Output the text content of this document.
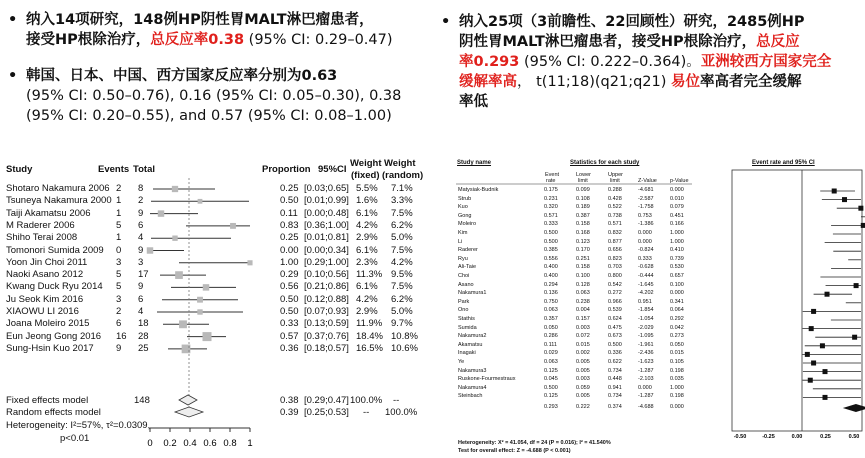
• 纳入14项研究，148例HP阴性胃MALT淋巴瘤患者，
接受HP根除治疗，总反应率0.38 (95% CI: 0.29–0.47)
• 韩国、日本、中国、西方国家反应率分别为0.63
(95% CI: 0.50–0.76), 0.16 (95% CI: 0.05–0.30), 0.38
(95% CI: 0.20–0.55), and 0.57 (95% CI: 0.08–1.00)
• 纳入25项（3前瞻性、22回顾性）研究，2485例HP
阴性胃MALT淋巴瘤患者，接受HP根除治疗，总反应
率0.293 (95% CI: 0.222–0.364)。亚洲较西方国家完全
缓解率高， t(11;18)(q21;q21) 易位率高者完全缓解
率低
Study	Events Total	Proportion 95%CI
Weight
(fixed)
Weight
(random)
Shotaro Nakamura 2006 2 8	0.25 [0.03;0.65] 5.5% 7.1%
Tsuneya Nakamura 2000 1 2	0.50 [0.01;0.99] 1.6% 3.3%
Taiji Akamatsu 2006	1 9	0.11 [0.00;0.48] 6.1% 7.5%
M Raderer 2006	5 6	0.83 [0.36;1.00] 4.2% 6.2%
Shiho Terai 2008	1 4	0.25 [0.01;0.81] 2.9% 5.0%
Tomonori Sumida 2009 0 9	0.00 [0.00;0.34] 6.1% 7.5%
Yoon Jin Choi 2011	3 3	1.00 [0.29;1.00] 2.3% 4.2%
Naoki Asano 2012	5 17	0.29 [0.10;0.56] 11.3% 9.5%
Kwang Duck Ryu 2014 5 9	0.56 [0.21;0.86] 6.1% 7.5%
Ju Seok Kim 2016	3 6	0.50 [0.12;0.88] 4.2% 6.2%
XIAOWU LI 2016	2 4	0.50 [0.07;0.93] 2.9% 5.0%
Joana Moleiro 2015	6 18	0.33 [0.13;0.59] 11.9% 9.7%
Eun Jeong Gong 2016 16 28	0.57 [0.37;0.76] 18.4% 10.8%
Sung-Hsin Kuo 2017 9 25	0.36 [0.18;0.57] 16.5% 10.6%
0 0.2 0.4 0.6 0.8 1
Fixed effects model	148	0.38 [0.29;0.47] 100.0% --
Random effects model	0.39 [0.25;0.53] -- 100.0%
Heterogeneity: I²=57%, τ²=0.0309,
p<0.01
Study name	Statistics for each study	Event rate and 95% CI
Event
rate
Lower
limit
Upper
limit	Z-Value p-Value
Matysiak-Budnik	0.175	0.099	0.288	-4.681	0.000
Strub	0.231	0.108	0.428	-2.587	0.010
Kuo	0.320	0.189	0.522	-1.758	0.079
Gong	0.571	0.387	0.738	0.753	0.451
Moleiro	0.333	0.158	0.571	-1.386	0.166
Kim	0.500	0.168	0.832	0.000	1.000
Li	0.500	0.123	0.877	0.000	1.000
Raderer	0.385	0.170	0.656	-0.824	0.410
Ryu	0.556	0.251	0.823	0.333	0.739
Ali-Taie	0.400	0.158	0.703	-0.628	0.530
Choi	0.400	0.100	0.800	-0.444	0.657
Asano	0.294	0.128	0.542	-1.645	0.100
Nakamura1	0.136	0.063	0.272	-4.202	0.000
Park	0.750	0.238	0.966	0.951	0.341
Ono	0.063	0.004	0.539	-1.854	0.064
Stathis	0.357	0.157	0.624	-1.054	0.292
Sumida	0.050	0.003	0.475	-2.029	0.042
Nakamura2	0.286	0.072	0.673	-1.095	0.273
Akamatsu	0.111	0.015	0.500	-1.961	0.050
Inagaki	0.029	0.002	0.336	-2.436	0.015
Ye	0.063	0.005	0.622	-1.623	0.105
Nakamura3	0.125	0.005	0.734	-1.287	0.198
Ruskone-Fourmestraux	0.045	0.003	0.448	-2.103	0.035
Nakamura4	0.500	0.059	0.941	0.000	1.000
Steinbach	0.125	0.005	0.734	-1.287	0.198
0.293	0.222	0.374	-4.688	0.000
-0.50	-0.25	0.00	0.25	0.50
Heterogeneity: X² = 41.054, df = 24 (P = 0.016); I² = 41.540%
Test for overall effect: Z = -4.688 (P < 0.001)
